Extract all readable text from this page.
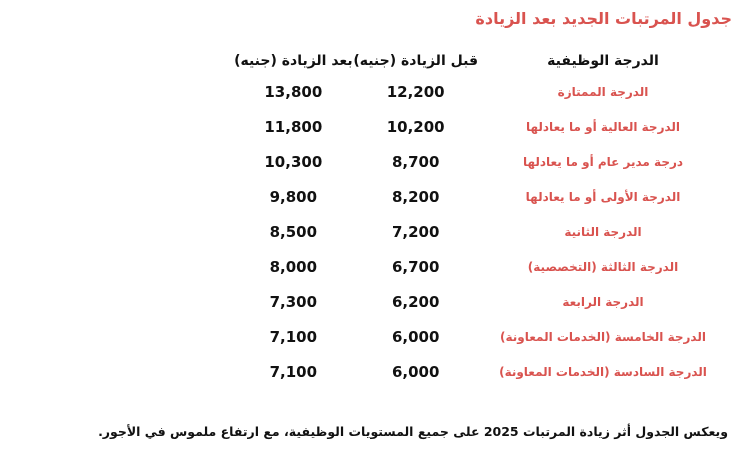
جدول المرتبات الجديد بعد الزيادة
الدرجة الوظيفية	قبل الزيادة (جنيه)	بعد الزيادة (جنيه)
الدرجة الممتازة	12,200	13,800
الدرجة العالية أو ما يعادلها	10,200	11,800
درجة مدير عام أو ما يعادلها	8,700	10,300
الدرجة الأولى أو ما يعادلها	8,200	9,800
الدرجة الثانية	7,200	8,500
الدرجة الثالثة (التخصصية)	6,700	8,000
الدرجة الرابعة	6,200	7,300
الدرجة الخامسة (الخدمات المعاونة)	6,000	7,100
الدرجة السادسة (الخدمات المعاونة)	6,000	7,100
ويعكس الجدول أثر زيادة المرتبات 2025 على جميع المستويات الوظيفية، مع ارتفاع ملموس في الأجور.
